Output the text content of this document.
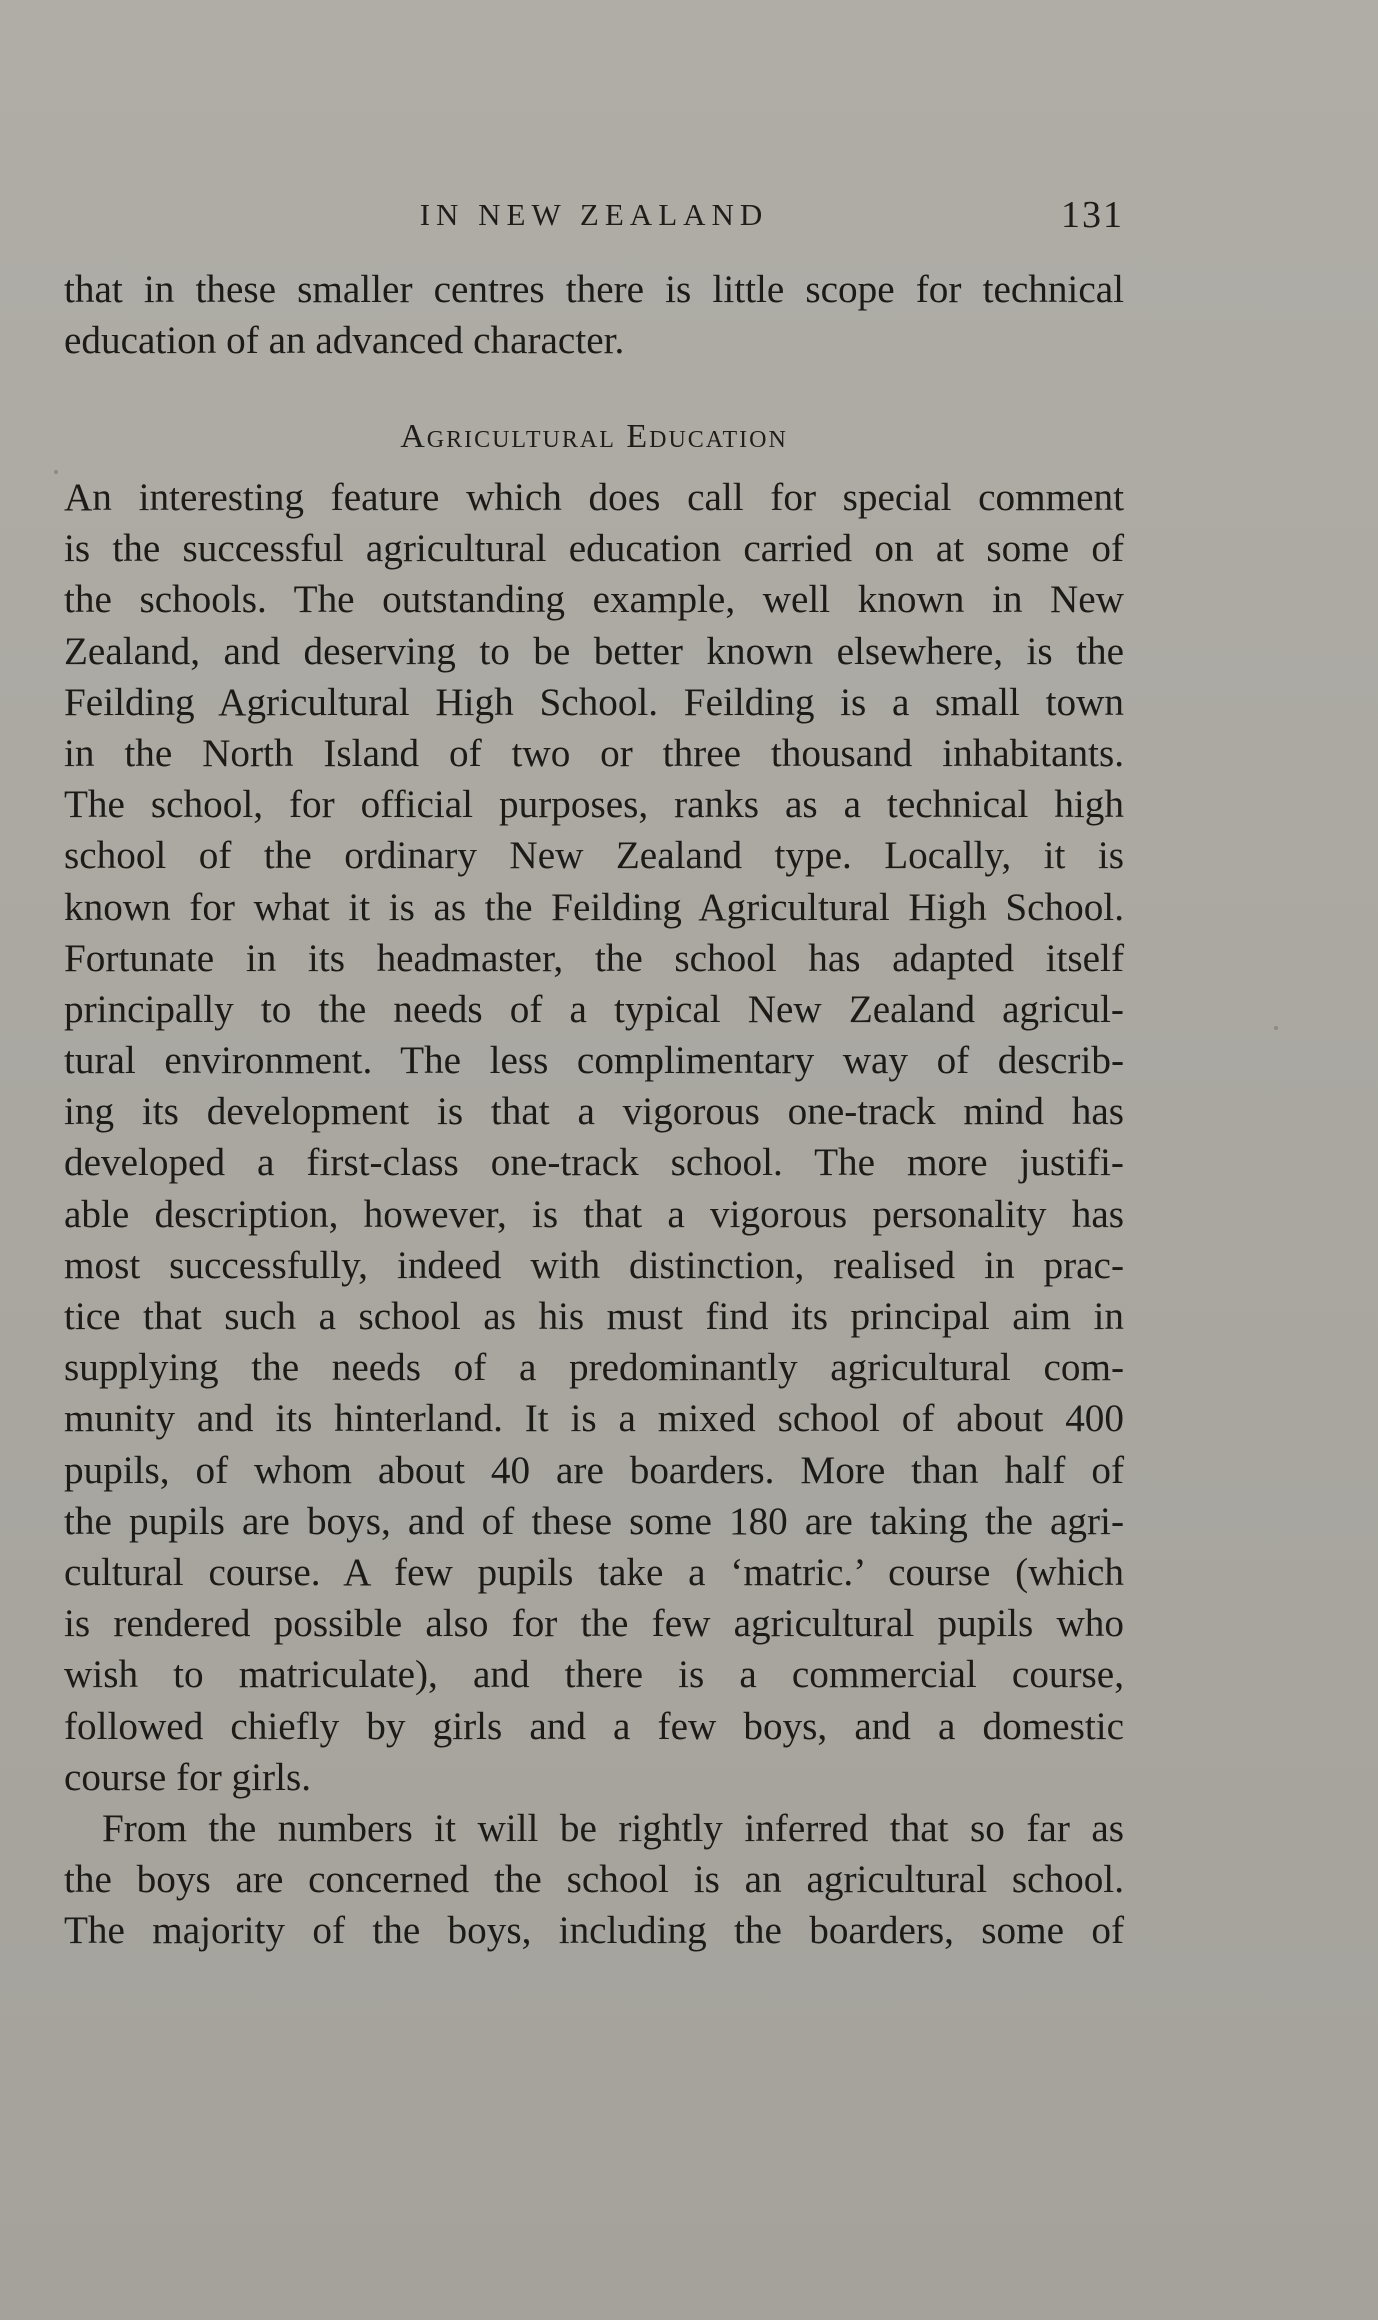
IN NEW ZEALAND	131
that in these smaller centres there is little scope for technical
education of an advanced character.
Agricultural Education
An interesting feature which does call for special comment
is the successful agricultural education carried on at some of
the schools. The outstanding example, well known in New
Zealand, and deserving to be better known elsewhere, is the
Feilding Agricultural High School. Feilding is a small town
in the North Island of two or three thousand inhabitants.
The school, for official purposes, ranks as a technical high
school of the ordinary New Zealand type. Locally, it is
known for what it is as the Feilding Agricultural High School.
Fortunate in its headmaster, the school has adapted itself
principally to the needs of a typical New Zealand agricul-
tural environment. The less complimentary way of describ-
ing its development is that a vigorous one-track mind has
developed a first-class one-track school. The more justifi-
able description, however, is that a vigorous personality has
most successfully, indeed with distinction, realised in prac-
tice that such a school as his must find its principal aim in
supplying the needs of a predominantly agricultural com-
munity and its hinterland. It is a mixed school of about 400
pupils, of whom about 40 are boarders. More than half of
the pupils are boys, and of these some 180 are taking the agri-
cultural course. A few pupils take a ‘matric.’ course (which
is rendered possible also for the few agricultural pupils who
wish to matriculate), and there is a commercial course,
followed chiefly by girls and a few boys, and a domestic
course for girls.
From the numbers it will be rightly inferred that so far as
the boys are concerned the school is an agricultural school.
The majority of the boys, including the boarders, some of
